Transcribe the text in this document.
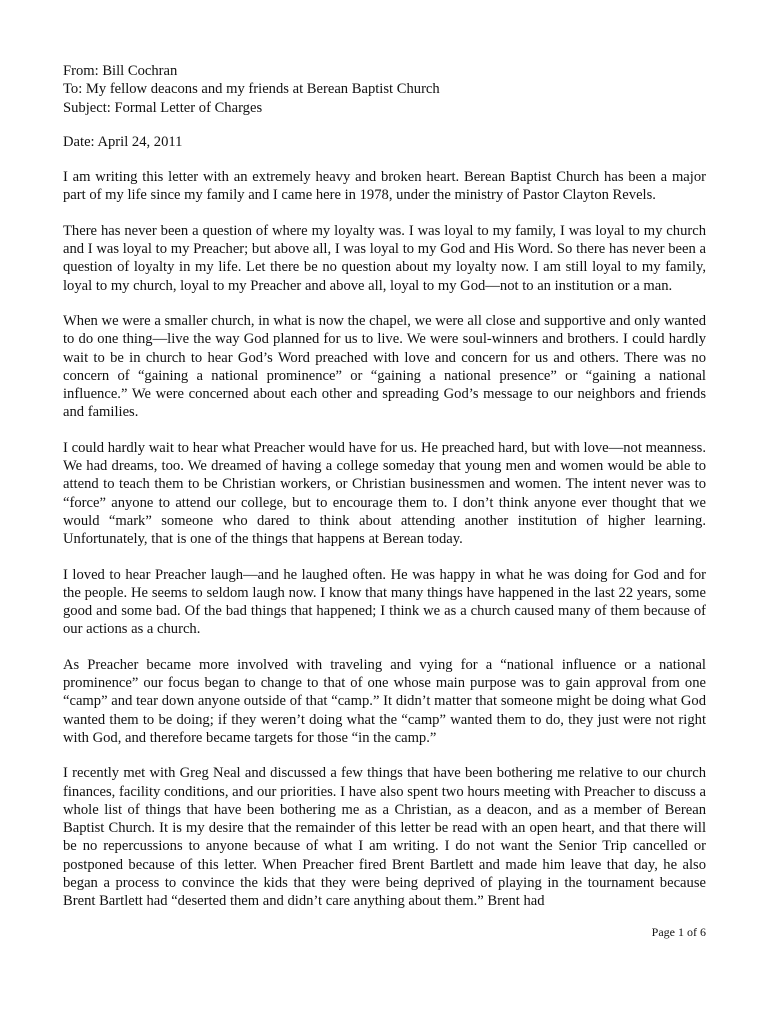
From: Bill Cochran

To: My fellow deacons and my friends at Berean Baptist Church

Subject: Formal Letter of Charges

Date: April 24, 2011

I am writing this letter with an extremely heavy and broken heart. Berean Baptist Church has been a major part of my life since my family and I came here in 1978, under the ministry of Pastor Clayton Revels.

There has never been a question of where my loyalty was. I was loyal to my family, I was loyal to my church and I was loyal to my Preacher; but above all, I was loyal to my God and His Word. So there has never been a question of loyalty in my life. Let there be no question about my loyalty now. I am still loyal to my family, loyal to my church, loyal to my Preacher and above all, loyal to my God—not to an institution or a man.

When we were a smaller church, in what is now the chapel, we were all close and supportive and only wanted to do one thing—live the way God planned for us to live. We were soul-winners and brothers. I could hardly wait to be in church to hear God’s Word preached with love and concern for us and others. There was no concern of “gaining a national prominence” or “gaining a national presence” or “gaining a national influence.” We were concerned about each other and spreading God’s message to our neighbors and friends and families.

I could hardly wait to hear what Preacher would have for us. He preached hard, but with love—not meanness. We had dreams, too. We dreamed of having a college someday that young men and women would be able to attend to teach them to be Christian workers, or Christian businessmen and women. The intent never was to “force” anyone to attend our college, but to encourage them to. I don’t think anyone ever thought that we would “mark” someone who dared to think about attending another institution of higher learning. Unfortunately, that is one of the things that happens at Berean today.

I loved to hear Preacher laugh—and he laughed often. He was happy in what he was doing for God and for the people. He seems to seldom laugh now. I know that many things have happened in the last 22 years, some good and some bad. Of the bad things that happened; I think we as a church caused many of them because of our actions as a church.

As Preacher became more involved with traveling and vying for a “national influence or a national prominence” our focus began to change to that of one whose main purpose was to gain approval from one “camp” and tear down anyone outside of that “camp.” It didn’t matter that someone might be doing what God wanted them to be doing; if they weren’t doing what the “camp” wanted them to do, they just were not right with God, and therefore became targets for those “in the camp.”

I recently met with Greg Neal and discussed a few things that have been bothering me relative to our church finances, facility conditions, and our priorities. I have also spent two hours meeting with Preacher to discuss a whole list of things that have been bothering me as a Christian, as a deacon, and as a member of Berean Baptist Church. It is my desire that the remainder of this letter be read with an open heart, and that there will be no repercussions to anyone because of what I am writing. I do not want the Senior Trip cancelled or postponed because of this letter. When Preacher fired Brent Bartlett and made him leave that day, he also began a process to convince the kids that they were being deprived of playing in the tournament because Brent Bartlett had “deserted them and didn’t care anything about them.” Brent had

Page 1 of 6
